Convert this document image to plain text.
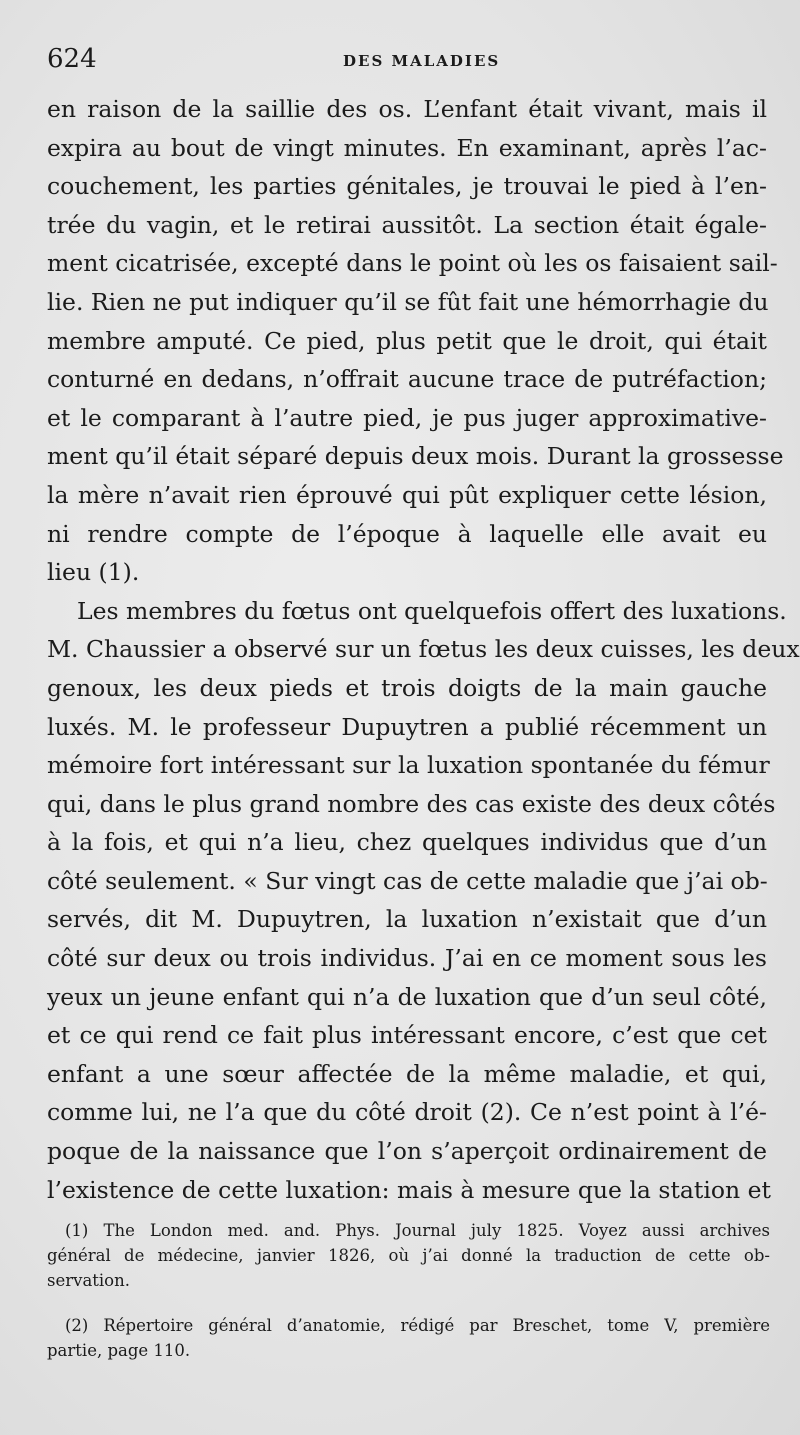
624	DES MALADIES
en raison de la saillie des os. L’enfant était vivant, mais il
expira au bout de vingt minutes. En examinant, après l’ac-
couchement, les parties génitales, je trouvai le pied à l’en-
trée du vagin, et le retirai aussitôt. La section était égale-
ment cicatrisée, excepté dans le point où les os faisaient sail-
lie. Rien ne put indiquer qu’il se fût fait une hémorrhagie du
membre amputé. Ce pied, plus petit que le droit, qui était
conturné en dedans, n’offrait aucune trace de putréfaction;
et le comparant à l’autre pied, je pus juger approximative-
ment qu’il était séparé depuis deux mois. Durant la grossesse
la mère n’avait rien éprouvé qui pût expliquer cette lésion,
ni rendre compte de l’époque à laquelle elle avait eu
lieu (1).
Les membres du fœtus ont quelquefois offert des luxations.
M. Chaussier a observé sur un fœtus les deux cuisses, les deux
genoux, les deux pieds et trois doigts de la main gauche
luxés. M. le professeur Dupuytren a publié récemment un
mémoire fort intéressant sur la luxation spontanée du fémur
qui, dans le plus grand nombre des cas existe des deux côtés
à la fois, et qui n’a lieu, chez quelques individus que d’un
côté seulement. « Sur vingt cas de cette maladie que j’ai ob-
servés, dit M. Dupuytren, la luxation n’existait que d’un
côté sur deux ou trois individus. J’ai en ce moment sous les
yeux un jeune enfant qui n’a de luxation que d’un seul côté,
et ce qui rend ce fait plus intéressant encore, c’est que cet
enfant a une sœur affectée de la même maladie, et qui,
comme lui, ne l’a que du côté droit (2). Ce n’est point à l’é-
poque de la naissance que l’on s’aperçoit ordinairement de
l’existence de cette luxation: mais à mesure que la station et
(1) The London med. and. Phys. Journal july 1825. Voyez aussi archives
général de médecine, janvier 1826, où j’ai donné la traduction de cette ob-
servation.
(2) Répertoire général d’anatomie, rédigé par Breschet, tome V, première
partie, page 110.
